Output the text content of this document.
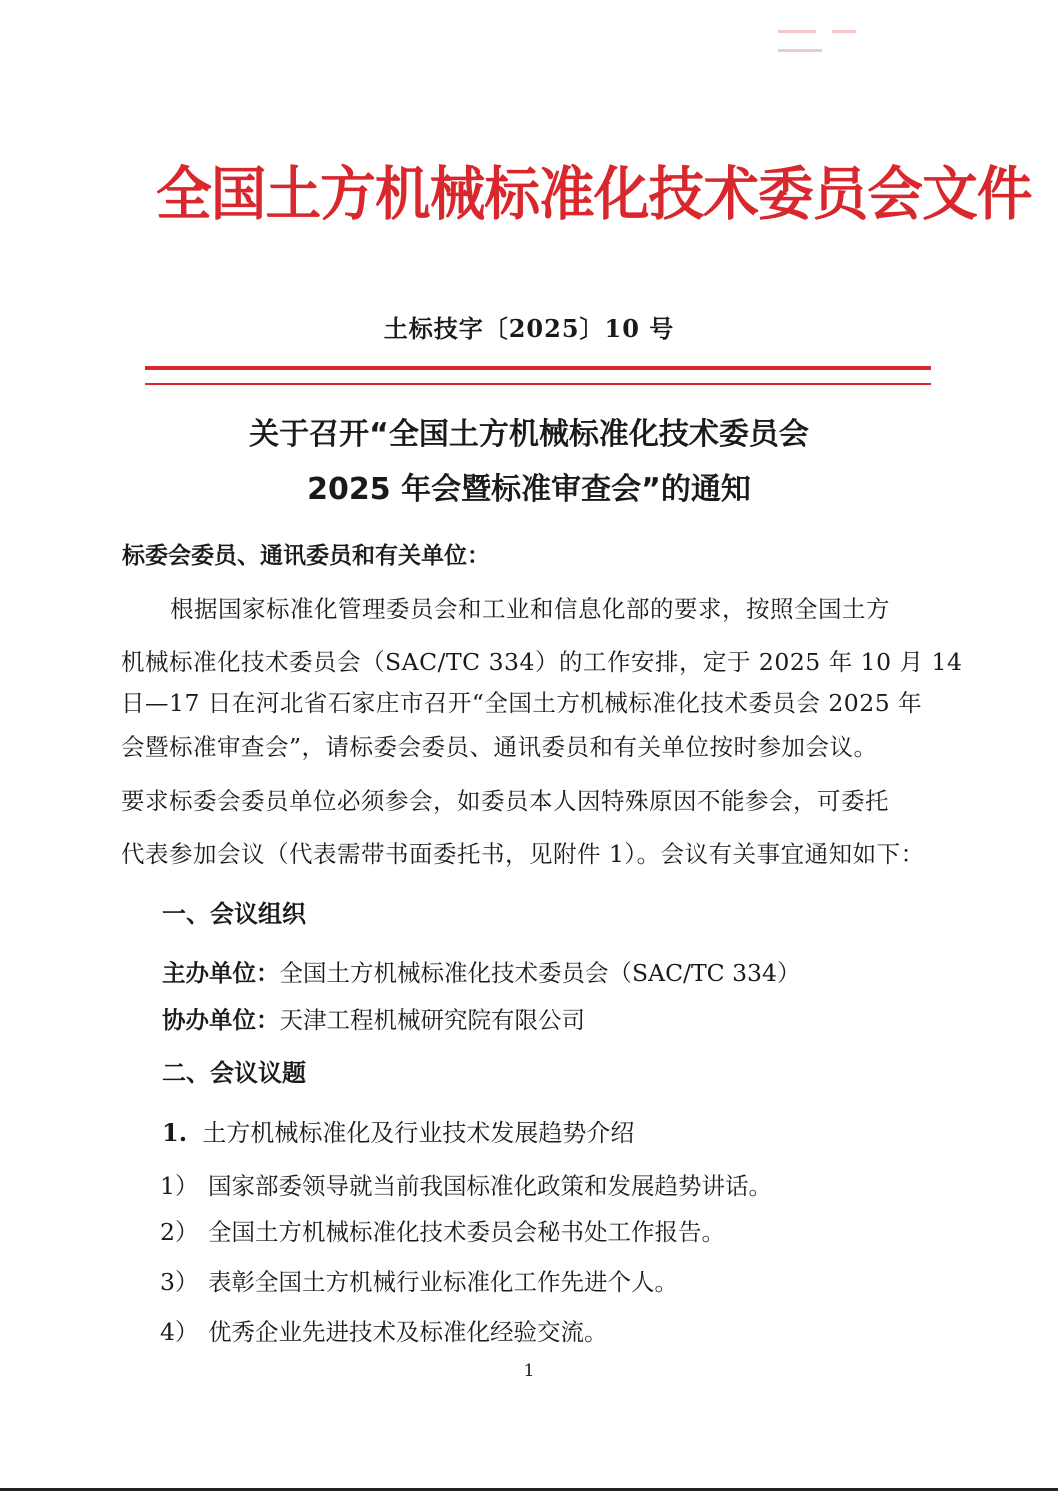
全国土方机械标准化技术委员会文件
土标技字〔2025〕10 号
关于召开“全国土方机械标准化技术委员会
2025 年会暨标准审查会”的通知
标委会委员、通讯委员和有关单位：
根据国家标准化管理委员会和工业和信息化部的要求，按照全国土方
机械标准化技术委员会（SAC/TC 334）的工作安排，定于 2025 年 10 月 14
日—17 日在河北省石家庄市召开“全国土方机械标准化技术委员会 2025 年
会暨标准审查会”，请标委会委员、通讯委员和有关单位按时参加会议。
要求标委会委员单位必须参会，如委员本人因特殊原因不能参会，可委托
代表参加会议（代表需带书面委托书，见附件 1）。会议有关事宜通知如下：
一、会议组织
主办单位：全国土方机械标准化技术委员会（SAC/TC 334）
协办单位：天津工程机械研究院有限公司
二、会议议题
1. 土方机械标准化及行业技术发展趋势介绍
1） 国家部委领导就当前我国标准化政策和发展趋势讲话。
2） 全国土方机械标准化技术委员会秘书处工作报告。
3） 表彰全国土方机械行业标准化工作先进个人。
4） 优秀企业先进技术及标准化经验交流。
1
